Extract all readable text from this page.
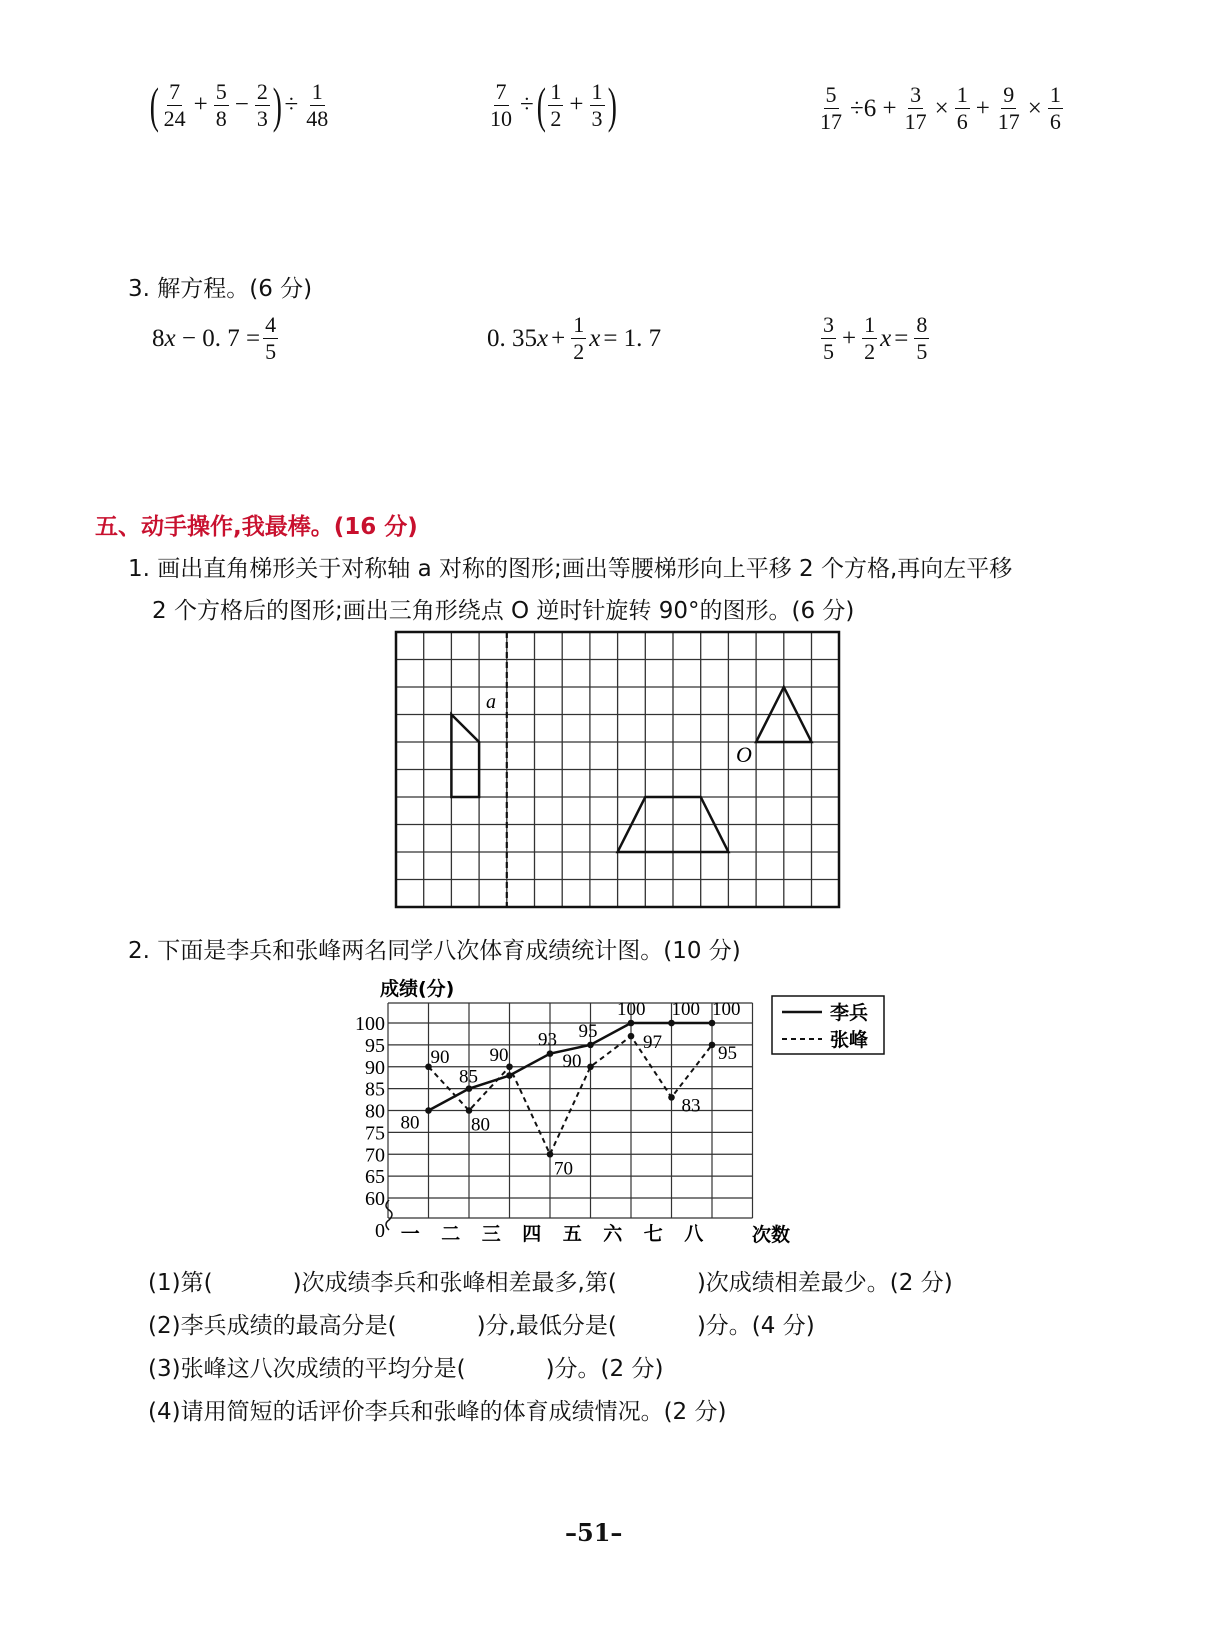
( $\frac{7}{24} + \frac{5}{8} - \frac{2}{3}$ ) ÷ $\frac{1}{48}$	$\frac{7}{10}$ ÷ ( $\frac{1}{2} + \frac{1}{3}$ )	$\frac{5}{17} \div 6 + \frac{3}{17} \times \frac{1}{6} + \frac{9}{17} \times \frac{1}{6}$
3. 解方程。(6 分)
8 x − 0. $7 = \frac{4}{5}$	0. 35 $x + \frac{1}{2}$ x = 1. 7	$\frac{3}{5} + \frac{1}{2}$ $x = \frac{8}{5}$
五、动手操作,我最棒。(16 分)
1. 画出直角梯形关于对称轴 a 对称的图形;画出等腰梯形向上平移 2 个方格,再向左平移
2 个方格后的图形;画出三角形绕点 O 逆时针旋转 90°的图形。(6 分)
a
O
2. 下面是李兵和张峰两名同学八次体育成绩统计图。(10 分)
成绩(分)
100
95
90
85
80
75
70
65
60
0 一 二 三 四 五 六 七 八	次数
80
85
93 95
100 100 100
90
80
90
70
90
97
83
95
李兵
张峰
(1)第(	)次成绩李兵和张峰相差最多,第(	)次成绩相差最少。(2 分)
(2)李兵成绩的最高分是(	)分,最低分是(	)分。(4 分)
(3)张峰这八次成绩的平均分是(	)分。(2 分)
(4)请用简短的话评价李兵和张峰的体育成绩情况。(2 分)
–51–
